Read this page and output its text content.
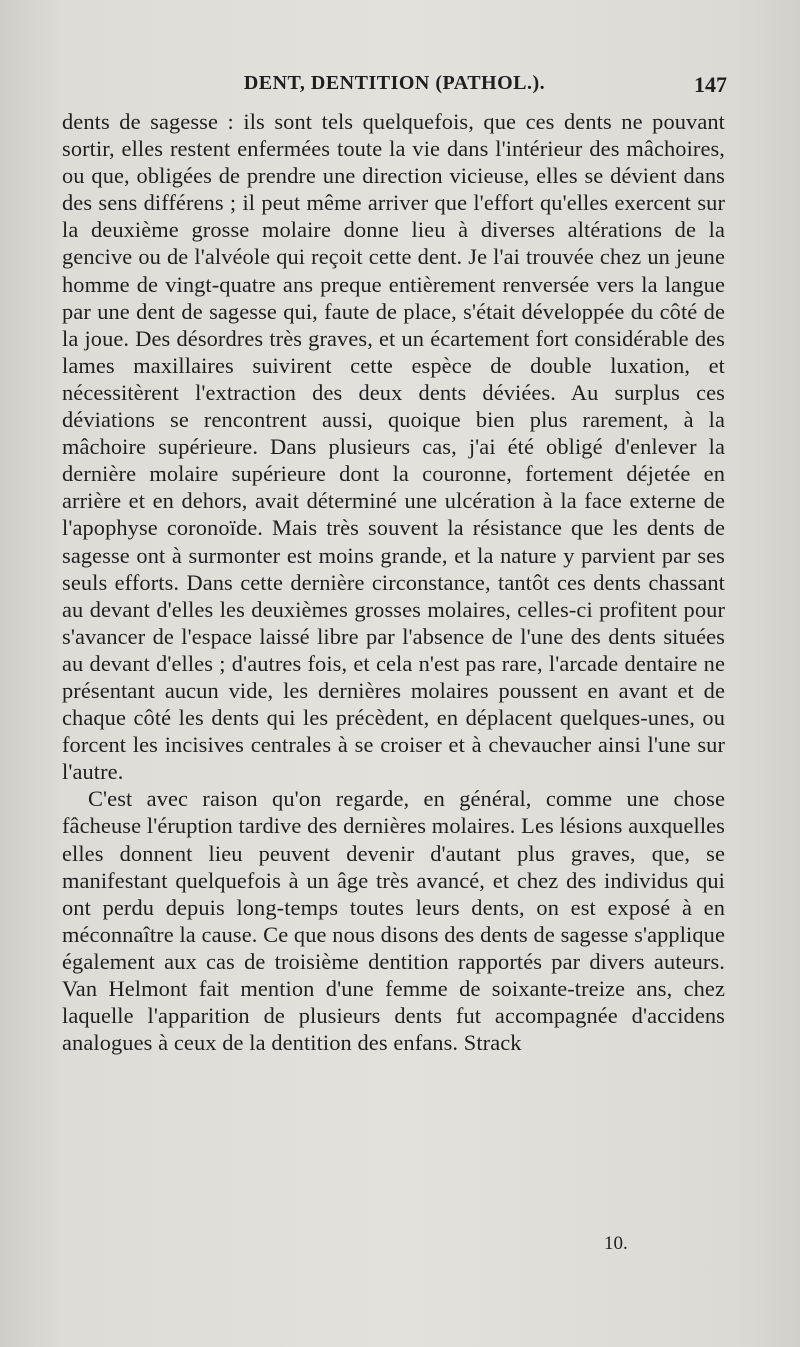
DENT, DENTITION (PATHOL.).	147

dents de sagesse : ils sont tels quelquefois, que ces dents ne pouvant sortir, elles restent enfermées toute la vie dans l'intérieur des mâchoires, ou que, obligées de prendre une direction vicieuse, elles se dévient dans des sens différens ; il peut même arriver que l'effort qu'elles exercent sur la deuxième grosse molaire donne lieu à diverses altérations de la gencive ou de l'alvéole qui reçoit cette dent. Je l'ai trouvée chez un jeune homme de vingt-quatre ans preque entièrement renversée vers la langue par une dent de sagesse qui, faute de place, s'était développée du côté de la joue. Des désordres très graves, et un écartement fort considérable des lames maxillaires suivirent cette espèce de double luxation, et nécessitèrent l'extraction des deux dents déviées. Au surplus ces déviations se rencontrent aussi, quoique bien plus rarement, à la mâchoire supérieure. Dans plusieurs cas, j'ai été obligé d'enlever la dernière molaire supérieure dont la couronne, fortement déjetée en arrière et en dehors, avait déterminé une ulcération à la face externe de l'apophyse coronoïde. Mais très souvent la résistance que les dents de sagesse ont à surmonter est moins grande, et la nature y parvient par ses seuls efforts. Dans cette dernière circonstance, tantôt ces dents chassant au devant d'elles les deuxièmes grosses molaires, celles-ci profitent pour s'avancer de l'espace laissé libre par l'absence de l'une des dents situées au devant d'elles ; d'autres fois, et cela n'est pas rare, l'arcade dentaire ne présentant aucun vide, les dernières molaires poussent en avant et de chaque côté les dents qui les précèdent, en déplacent quelques-unes, ou forcent les incisives centrales à se croiser et à chevaucher ainsi l'une sur l'autre.

C'est avec raison qu'on regarde, en général, comme une chose fâcheuse l'éruption tardive des dernières molaires. Les lésions auxquelles elles donnent lieu peuvent devenir d'autant plus graves, que, se manifestant quelquefois à un âge très avancé, et chez des individus qui ont perdu depuis long-temps toutes leurs dents, on est exposé à en méconnaître la cause. Ce que nous disons des dents de sagesse s'applique également aux cas de troisième dentition rapportés par divers auteurs. Van Helmont fait mention d'une femme de soixante-treize ans, chez laquelle l'apparition de plusieurs dents fut accompagnée d'accidens analogues à ceux de la dentition des enfans. Strack

10.
